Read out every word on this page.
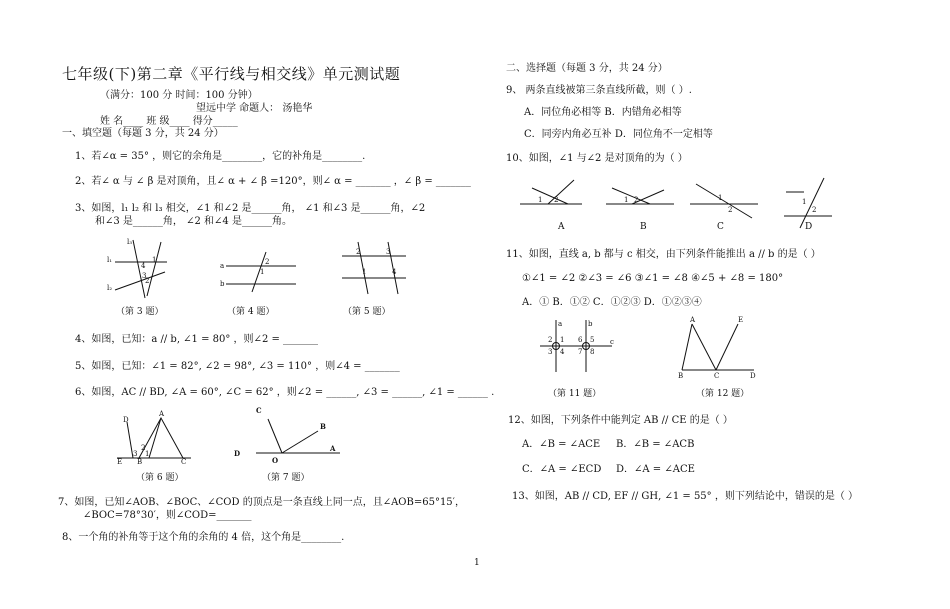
七年级(下)第二章《平行线与相交线》单元测试题
（满分：100 分 时间：100 分钟）
望远中学 命题人： 汤艳华
姓 名____ 班 级____ 得分_____
一、填空题（每题 3 分，共 24 分）
1、若∠α = 35° ，则它的余角是________，它的补角是________.
2、若∠ α 与 ∠ β 是对顶角，且∠ α + ∠ β =120°，则∠ α = _______ ，∠ β = _______
3、如图，l₁ l₂ 和 l₃ 相交，∠1 和∠2 是______角， ∠1 和∠3 是______角，∠2
和∠3 是______角， ∠2 和∠4 是______角。
l₃
l₁
l₂
4
3
2
1
（第 3 题）
a
b
2
1
（第 4 题）
2	3
1	4
（第 5 题）
4、如图，已知：a // b, ∠1 = 80° ，则∠2 = _______
5、如图，已知：∠1 = 82°, ∠2 = 98°, ∠3 = 110° ，则∠4 = _______
6、如图，AC // BD, ∠A = 60°, ∠C = 62° ，则∠2 = ______, ∠3 = ______, ∠1 = ______ .
A
D
E B	C
2
3 1
（第 6 题）
C
B
A
D
O
（第 7 题）
7、如图，已知∠AOB、∠BOC、∠COD 的顶点是一条直线上同一点，且∠AOB=65°15′，
∠BOC=78°30′，则∠COD=_______
8、一个角的补角等于这个角的余角的 4 倍，这个角是________.
1
二、选择题（每题 3 分，共 24 分）
9、 两条直线被第三条直线所截，则（ ）.
A．同位角必相等 B．内错角必相等
C．同旁内角必互补 D．同位角不一定相等
10、如图，∠1 与∠2 是对顶角的为（ ）
1 2
A
1 2
B
1
2
C
1
2
D
11、如图，直线 a, b 都与 c 相交，由下列条件能推出 a // b 的是（ ）
①∠1 = ∠2 ②∠3 = ∠6 ③∠1 = ∠8 ④∠5 + ∠8 = 180°
A．① B．①② C．①②③ D．①②③④
a	b
c
2 1
3 4
6 5
7 8
（第 11 题）
A	E
B	C	D
（第 12 题）
12、如图，下列条件中能判定 AB // CE 的是（ ）
A．∠B = ∠ACE B．∠B = ∠ACB
C．∠A = ∠ECD D．∠A = ∠ACE
13、如图，AB // CD, EF // GH, ∠1 = 55° ，则下列结论中，错误的是（ ）
